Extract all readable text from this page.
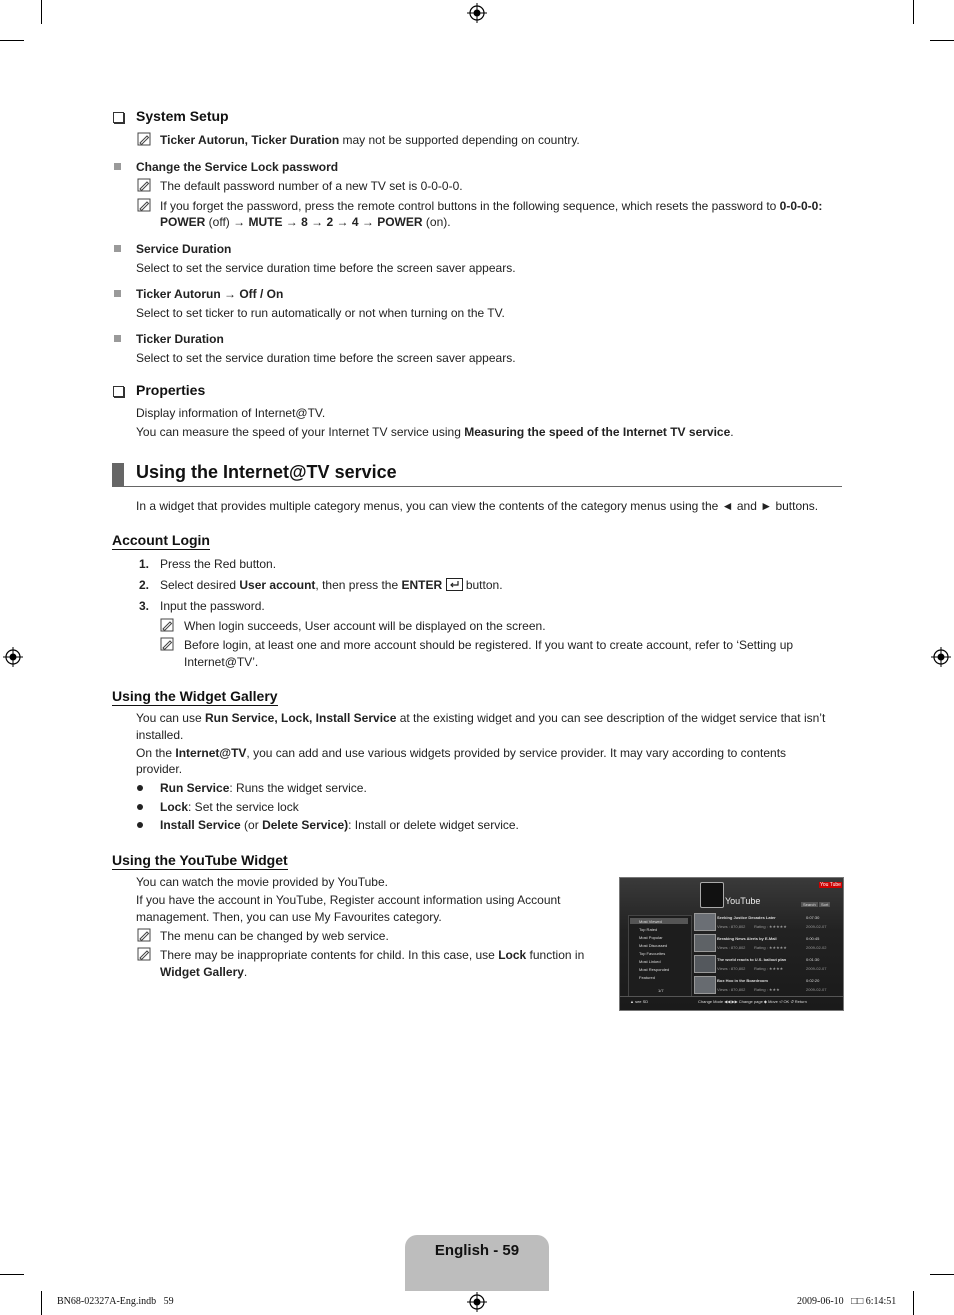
System Setup
Ticker Autorun, Ticker Duration may not be supported depending on country.
Change the Service Lock password
The default password number of a new TV set is 0-0-0-0.
If you forget the password, press the remote control buttons in the following sequence, which resets the password to 0-0-0-0:
POWER (off) → MUTE → 8 → 2 → 4 → POWER (on).
Service Duration
Select to set the service duration time before the screen saver appears.
Ticker Autorun → Off / On
Select to set ticker to run automatically or not when turning on the TV.
Ticker Duration
Select to set the service duration time before the screen saver appears.
Properties
Display information of Internet@TV.
You can measure the speed of your Internet TV service using Measuring the speed of the Internet TV service.
Using the Internet@TV service
In a widget that provides multiple category menus, you can view the contents of the category menus using the ◄ and ► buttons.
Account Login
1. Press the Red button.
2. Select desired User account, then press the ENTER  button.
3. Input the password.
When login succeeds, User account will be displayed on the screen.
Before login, at least one and more account should be registered. If you want to create account, refer to ‘Setting up
Internet@TV’.
Using the Widget Gallery
You can use Run Service, Lock, Install Service at the existing widget and you can see description of the widget service that isn’t
installed.
On the Internet@TV, you can add and use various widgets provided by service provider. It may vary according to contents
provider.
Run Service: Runs the widget service.
Lock: Set the service lock
Install Service (or Delete Service): Install or delete widget service.
Using the YouTube Widget
You can watch the movie provided by YouTube.
If you have the account in YouTube, Register account information using Account
management. Then, you can use My Favourites category.
The menu can be changed by web service.
There may be inappropriate contents for child. In this case, use Lock function in
Widget Gallery.
YouTube
You Tube
Search	Sort
Most Viewed
Top Rated
Most Popular
Most Discussed
Top Favourites
Most Linked
Most Responded
Featured
1/7
Seeking Justice Decades Later
Views : 870,802 Rating : ★★★★★
0:07:30
2009-02-07
Breaking News Alerts by E-Mail
Views : 870,802 Rating : ★★★★★
0:00:45
2009-02-02
The world reacts to U.S. bailout plan
Views : 870,802 Rating : ★★★★
0:01:30
2009-02-07
Box Hoo in the Boardroom
Views : 870,802 Rating : ★★★
0:02:20
2009-02-07
▲ see SD	Change Mode ◀◀ ▶▶ Change page ◆ Move ⏎ OK ↺ Return
English - 59
BN68-02327A-Eng.indb   59	2009-06-10   □□ 6:14:51
